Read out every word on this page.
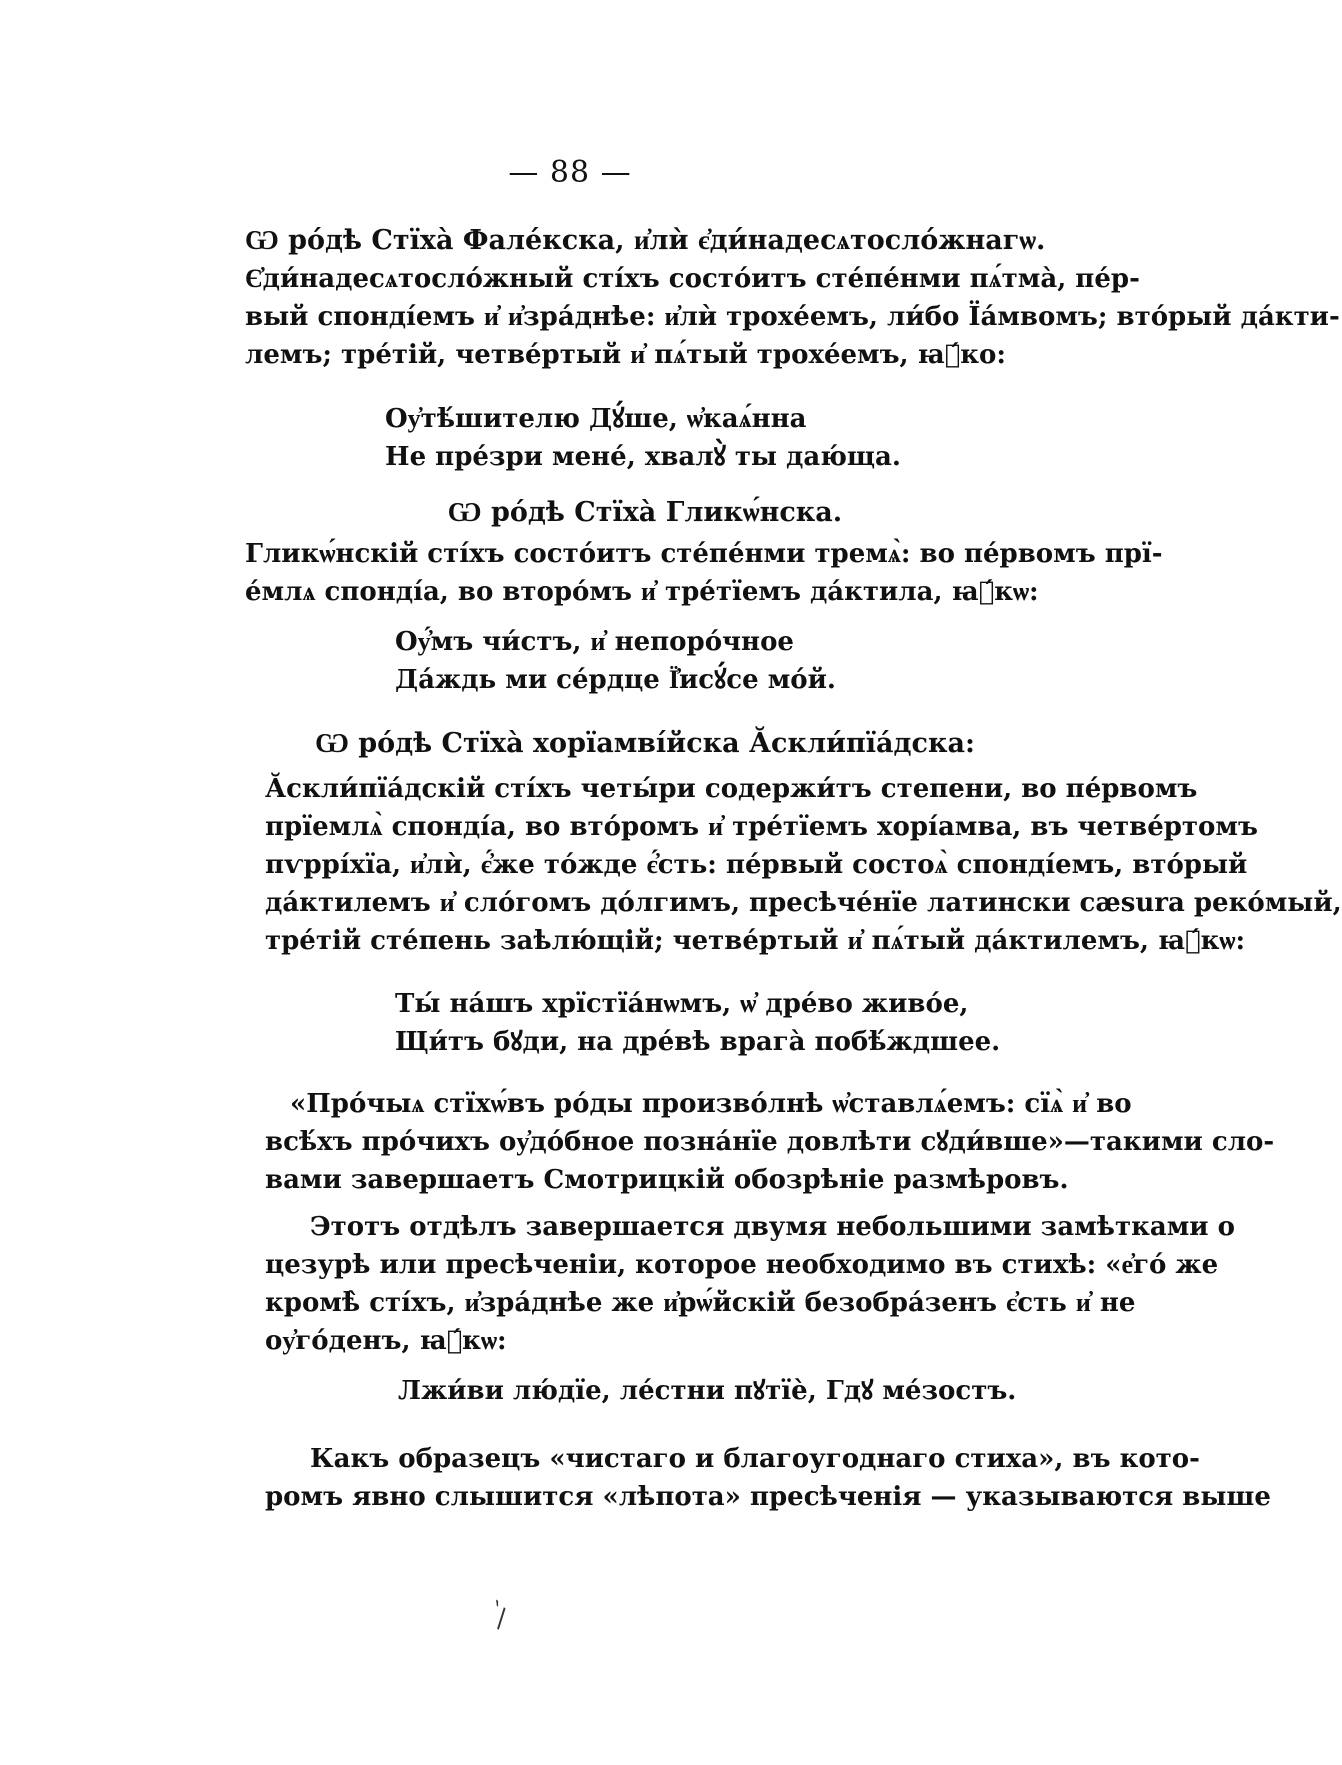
— 88 —
Ѡ ро́дѣ Стїха̀ Фале́кска, и҆лѝ є҆ди́надесѧтосло́жнагѡ.
Є҆ди́надесѧтосло́жный сті́хъ состо́итъ сте́пе́нми пѧ́тма̀, пе́р-
вый спонді́емъ и҆ и҆зра́днѣе: и҆лѝ трохе́емъ, ли́бо Їа́мвомъ; вто́рый да́кти-
лемъ; тре́тій, четве́ртый и҆ пѧ́тый трохе́емъ, ꙗ҆́ко:
Оу҆тѣ́шителю Дꙋ́ше, ѡ҆каѧ́нна
Не пре́зри мене́, хвалꙋ̀ ты даю́ща.
Ѡ ро́дѣ Стїха̀ Гликѡ́нска.
Гликѡ́нскій сті́хъ состо́итъ сте́пе́нми тремѧ̀: во пе́рвомъ прї-
е́млѧ спонді́а, во второ́мъ и҆ тре́тїемъ да́ктила, ꙗ҆́кѡ:
Оу҆́мъ чи́стъ, и҆ непоро́чное
Да́ждь ми се́рдце Ї҆исꙋ́се мо́й.
Ѡ ро́дѣ Стїха̀ хорїамві́йска Ӑскли́пїа́дска:
Ӑскли́пїа́дскій сті́хъ четы́ри содержи́тъ степени, во пе́рвомъ
прїемлѧ̀ спонді́а, во вто́ромъ и҆ тре́тїемъ хорі́амва, въ четве́ртомъ
пѵррі́хїа, и҆лѝ, є҆́же то́жде є҆́сть: пе́рвый состоѧ̀ спонді́емъ, вто́рый
да́ктилемъ и҆ сло́гомъ до́лгимъ, пресѣче́нїе латински cæsura реко́мый,
тре́тій сте́пень заѣлю́щій; четве́ртый и҆ пѧ́тый да́ктилемъ, ꙗ҆́кѡ:
Ты́ на́шъ хрїстїа́нѡмъ, ѡ҆ дре́во живо́е,
Щи́тъ бꙋди, на дре́вѣ врага̀ побѣ́ждшее.
«Про́чыѧ стїхѡ́въ ро́ды произво́лнѣ ѡ҆ставлѧ́емъ: сїѧ̀ и҆ во
всѣ́хъ про́чихъ оу҆до́бное позна́нїе довлѣти сꙋди́вше»—такими сло-
вами завершаетъ Смотрицкій обозрѣніе размѣровъ.
Этотъ отдѣлъ завершается двумя небольшими замѣтками о
цезурѣ или пресѣченіи, которое необходимо въ стихѣ: «е҆го́ же
кромѣ̀ сті́хъ, и҆зра́днѣе же и҆рѡ́йскій безобра́зенъ є҆сть и҆ не
оу҆го́денъ, ꙗ҆́кѡ:
Лжи́ви лю́дїе, ле́стни пꙋтїѐ, Гдꙋ ме́зостъ.
Какъ образецъ «чистаго и благоугоднаго стиха», въ кото-
ромъ явно слышится «лѣпота» пресѣченія — указываются выше
ˋ\
